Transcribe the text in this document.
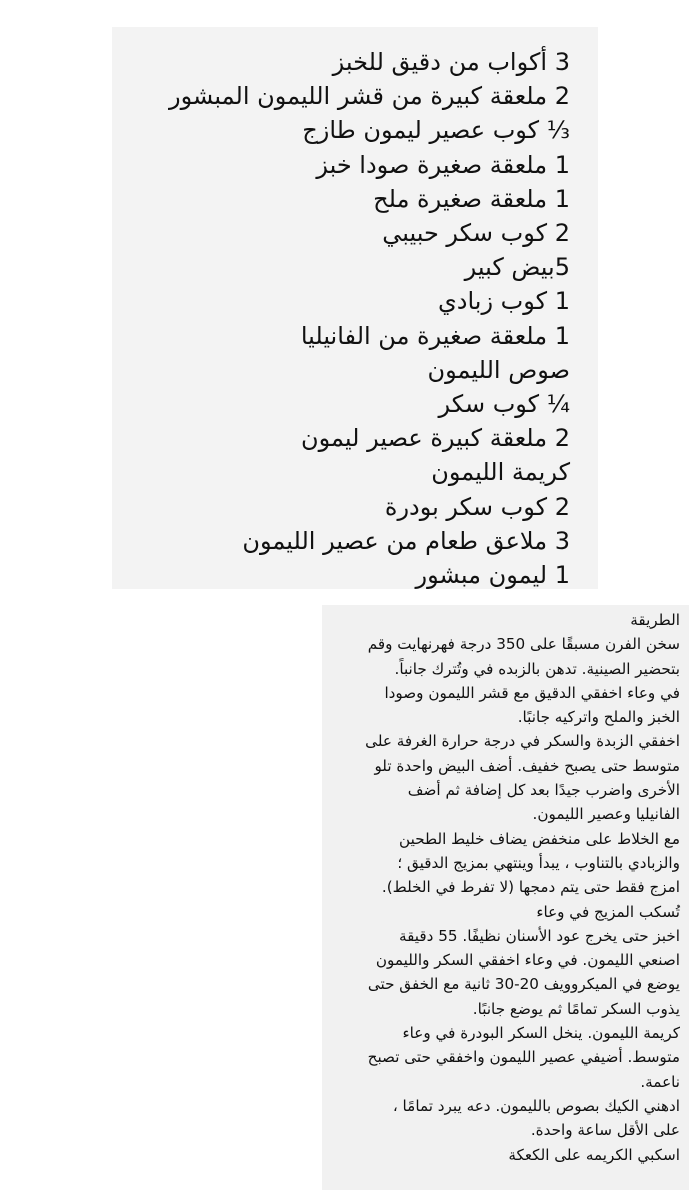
3 أكواب من دقيق للخبز
2 ملعقة كبيرة من قشر الليمون المبشور
⅓ كوب عصير ليمون طازج
1 ملعقة صغيرة صودا خبز
1 ملعقة صغيرة ملح
2 كوب سكر حبيبي
5بيض كبير
1 كوب زبادي
1 ملعقة صغيرة من الفانيليا
صوص الليمون
¼ كوب سكر
2 ملعقة كبيرة عصير ليمون
كريمة الليمون
2 كوب سكر بودرة
3 ملاعق طعام من عصير الليمون
1 ليمون مبشور
الطريقة
سخن الفرن مسبقًا على 350 درجة فهرنهايت وقم
بتحضير الصينية. تدهن بالزبده في وتُترك جانباً.
في وعاء اخفقي الدقيق مع قشر الليمون وصودا
الخبز والملح واتركيه جانبًا.
اخفقي الزبدة والسكر في درجة حرارة الغرفة على
متوسط حتى يصبح خفيف. أضف البيض واحدة تلو
الأخرى واضرب جيدًا بعد كل إضافة ثم أضف
الفانيليا وعصير الليمون.
مع الخلاط على منخفض يضاف خليط الطحين
والزبادي بالتناوب ، يبدأ وينتهي بمزيج الدقيق ؛
امزج فقط حتى يتم دمجها (لا تفرط في الخلط).
تُسكب المزيج في وعاء
اخبز حتى يخرج عود الأسنان نظيفًا. 55 دقيقة
اصنعي الليمون. في وعاء اخفقي السكر والليمون
يوضع في الميكروويف 20-30 ثانية مع الخفق حتى
يذوب السكر تمامًا ثم يوضع جانبًا.
كريمة الليمون. ينخل السكر البودرة في وعاء
متوسط. أضيفي عصير الليمون واخفقي حتى تصبح
ناعمة.
ادهني الكيك بصوص بالليمون. دعه يبرد تمامًا ،
على الأقل ساعة واحدة.
اسكبي الكريمه على الكعكة
